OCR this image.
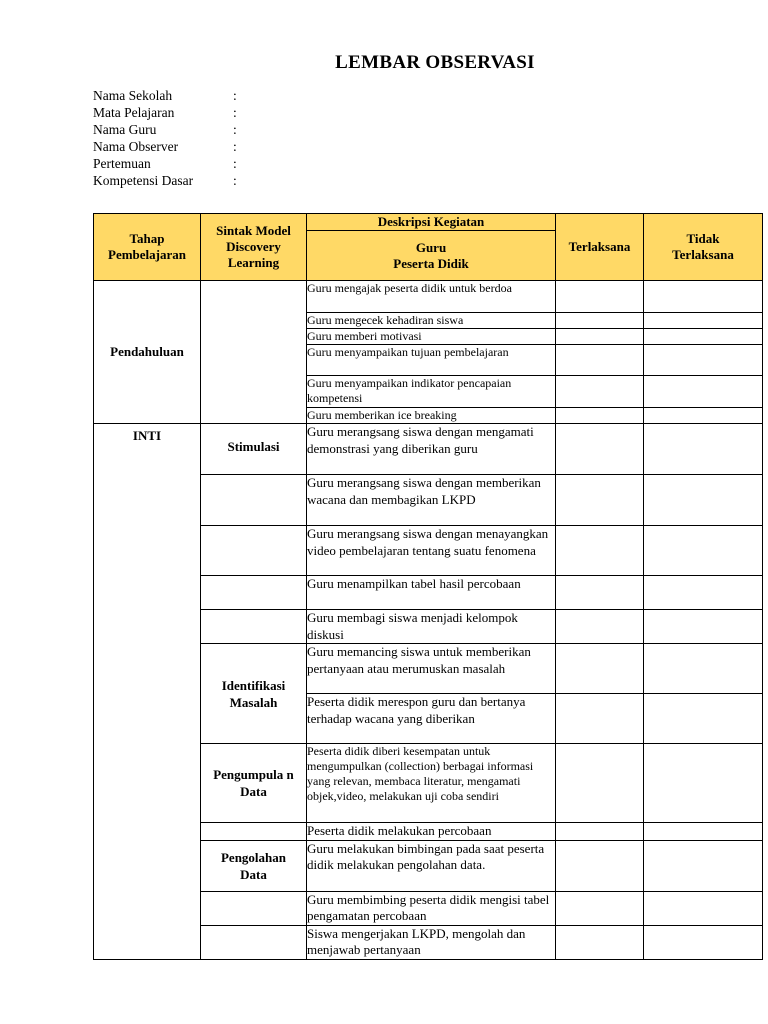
LEMBAR OBSERVASI
Nama Sekolah	:
Mata Pelajaran	:
Nama Guru	:
Nama Observer	:
Pertemuan	:
Kompetensi Dasar	:
Tahap Pembelajaran	Sintak Model Discovery Learning	Deskripsi Kegiatan	Terlaksana	Tidak Terlaksana

		Guru
Peserta Didik		

Pendahuluan		Guru mengajak peserta didik untuk berdoa		
		Guru mengecek kehadiran siswa		
		Guru memberi motivasi		
		Guru menyampaikan tujuan pembelajaran		
		Guru menyampaikan indikator pencapaian kompetensi		
		Guru memberikan ice breaking		
INTI	Stimulasi	Guru merangsang siswa dengan mengamati demonstrasi yang diberikan guru		
		Guru merangsang siswa dengan memberikan wacana dan membagikan LKPD		
		Guru merangsang siswa dengan menayangkan video pembelajaran tentang suatu fenomena		
		Guru menampilkan tabel hasil percobaan		
		Guru membagi siswa menjadi kelompok diskusi		
	Identifikasi Masalah	Guru memancing siswa untuk memberikan pertanyaan atau merumuskan masalah		
		Peserta didik merespon guru dan bertanya terhadap wacana yang diberikan		
	Pengumpula n Data	Peserta didik diberi kesempatan untuk mengumpulkan (collection) berbagai informasi yang relevan, membaca literatur, mengamati objek,video, melakukan uji coba sendiri		
		Peserta didik melakukan percobaan		
	Pengolahan Data	Guru melakukan bimbingan pada saat peserta didik melakukan pengolahan data.		
		Guru membimbing peserta didik mengisi tabel pengamatan percobaan		
		Siswa mengerjakan LKPD, mengolah dan menjawab pertanyaan		
